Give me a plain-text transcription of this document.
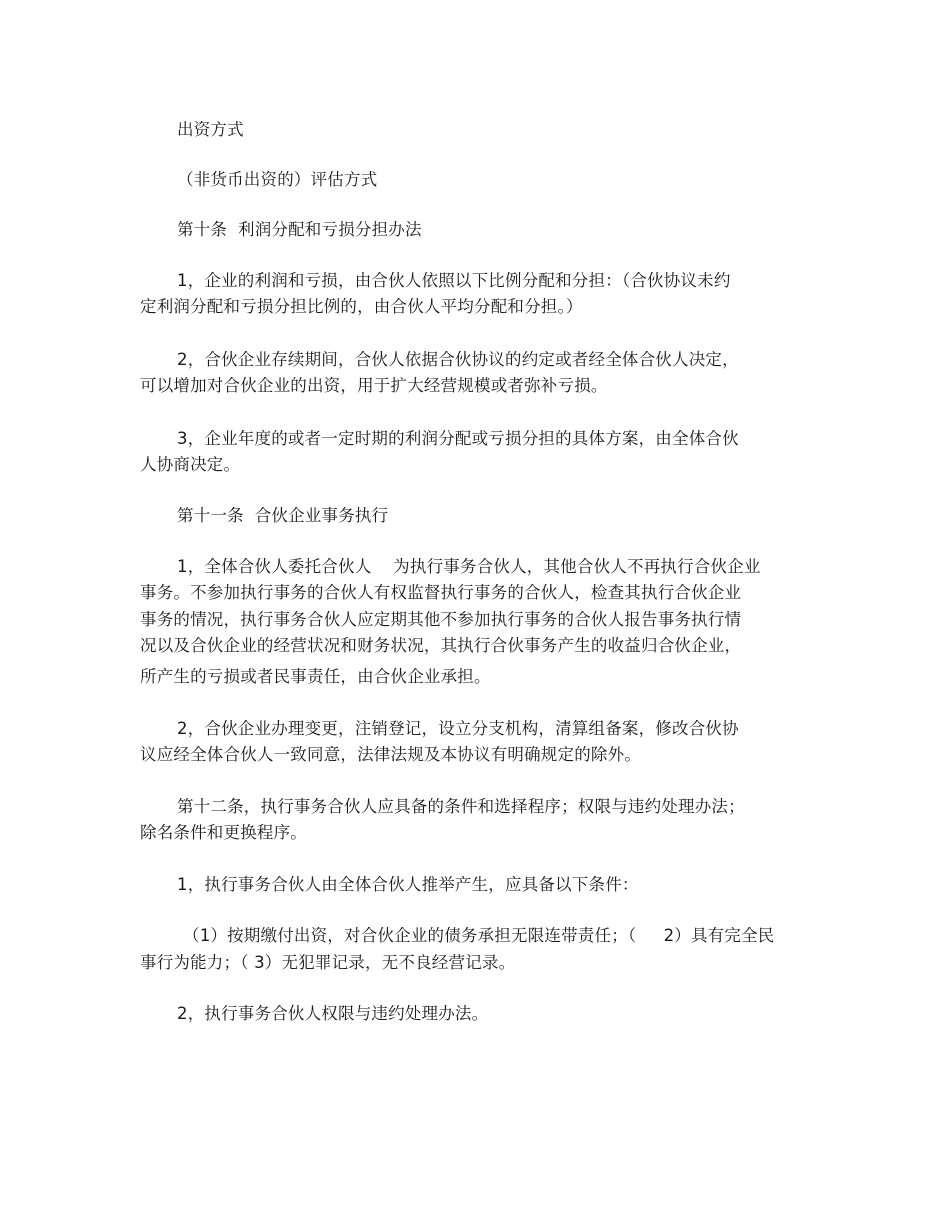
出资方式
（非货币出资的）评估方式
第十条  利润分配和亏损分担办法
1，企业的利润和亏损，由合伙人依照以下比例分配和分担：（合伙协议未约
定利润分配和亏损分担比例的，由合伙人平均分配和分担。）
2，合伙企业存续期间，合伙人依据合伙协议的约定或者经全体合伙人决定，
可以增加对合伙企业的出资，用于扩大经营规模或者弥补亏损。
3，企业年度的或者一定时期的利润分配或亏损分担的具体方案，由全体合伙
人协商决定。
第十一条  合伙企业事务执行
1，全体合伙人委托合伙人    为执行事务合伙人，其他合伙人不再执行合伙企业
事务。不参加执行事务的合伙人有权监督执行事务的合伙人，检查其执行合伙企业
事务的情况，执行事务合伙人应定期其他不参加执行事务的合伙人报告事务执行情
况以及合伙企业的经营状况和财务状况，其执行合伙事务产生的收益归合伙企业，
所产生的亏损或者民事责任，由合伙企业承担。
2，合伙企业办理变更，注销登记，设立分支机构，清算组备案，修改合伙协
议应经全体合伙人一致同意，法律法规及本协议有明确规定的除外。
第十二条，执行事务合伙人应具备的条件和选择程序；权限与违约处理办法；
除名条件和更换程序。
1，执行事务合伙人由全体合伙人推举产生，应具备以下条件：
（1）按期缴付出资，对合伙企业的债务承担无限连带责任；（     2）具有完全民
事行为能力；（ 3）无犯罪记录，无不良经营记录。
2，执行事务合伙人权限与违约处理办法。
